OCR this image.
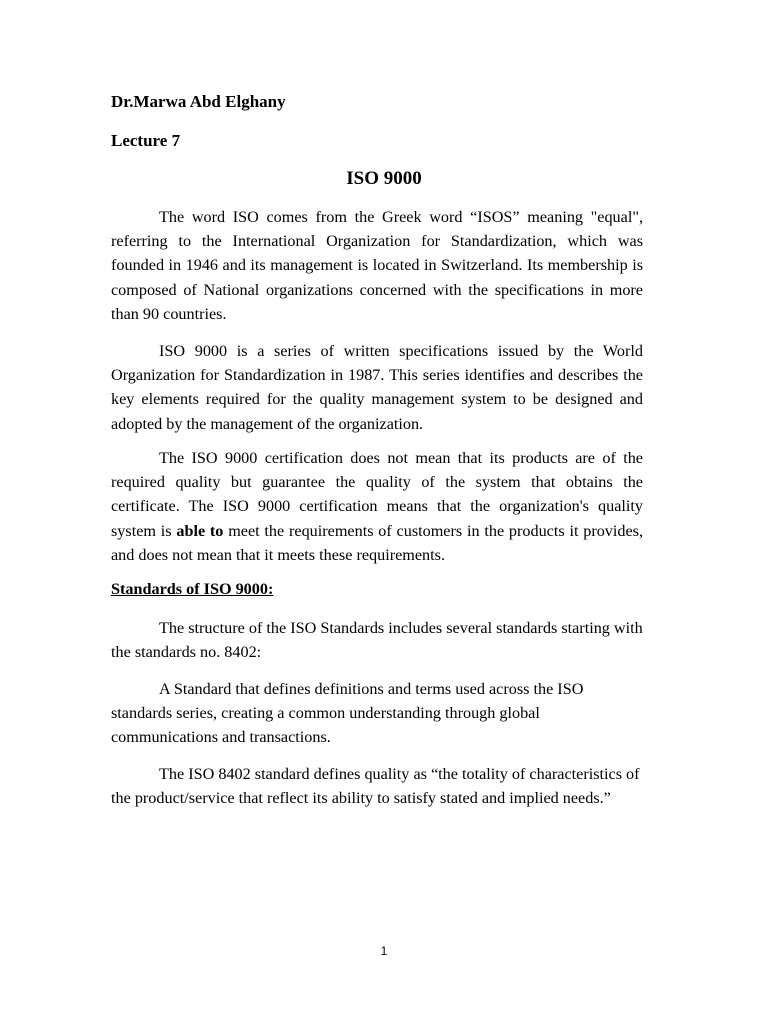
Dr.Marwa Abd Elghany
Lecture 7
ISO 9000

The word ISO comes from the Greek word “ISOS” meaning "equal", referring to the International Organization for Standardization, which was founded in 1946 and its management is located in Switzerland. Its membership is composed of National organizations concerned with the specifications in more than 90 countries.

ISO 9000 is a series of written specifications issued by the World Organization for Standardization in 1987. This series identifies and describes the key elements required for the quality management system to be designed and adopted by the management of the organization.

The ISO 9000 certification does not mean that its products are of the required quality but guarantee the quality of the system that obtains the certificate. The ISO 9000 certification means that the organization's quality system is able to meet the requirements of customers in the products it provides, and does not mean that it meets these requirements.

Standards of ISO 9000:

The structure of the ISO Standards includes several standards starting with the standards no. 8402:

A Standard that defines definitions and terms used across the ISO standards series, creating a common understanding through global communications and transactions.

The ISO 8402 standard defines quality as “the totality of characteristics of the product/service that reflect its ability to satisfy stated and implied needs.”

1
